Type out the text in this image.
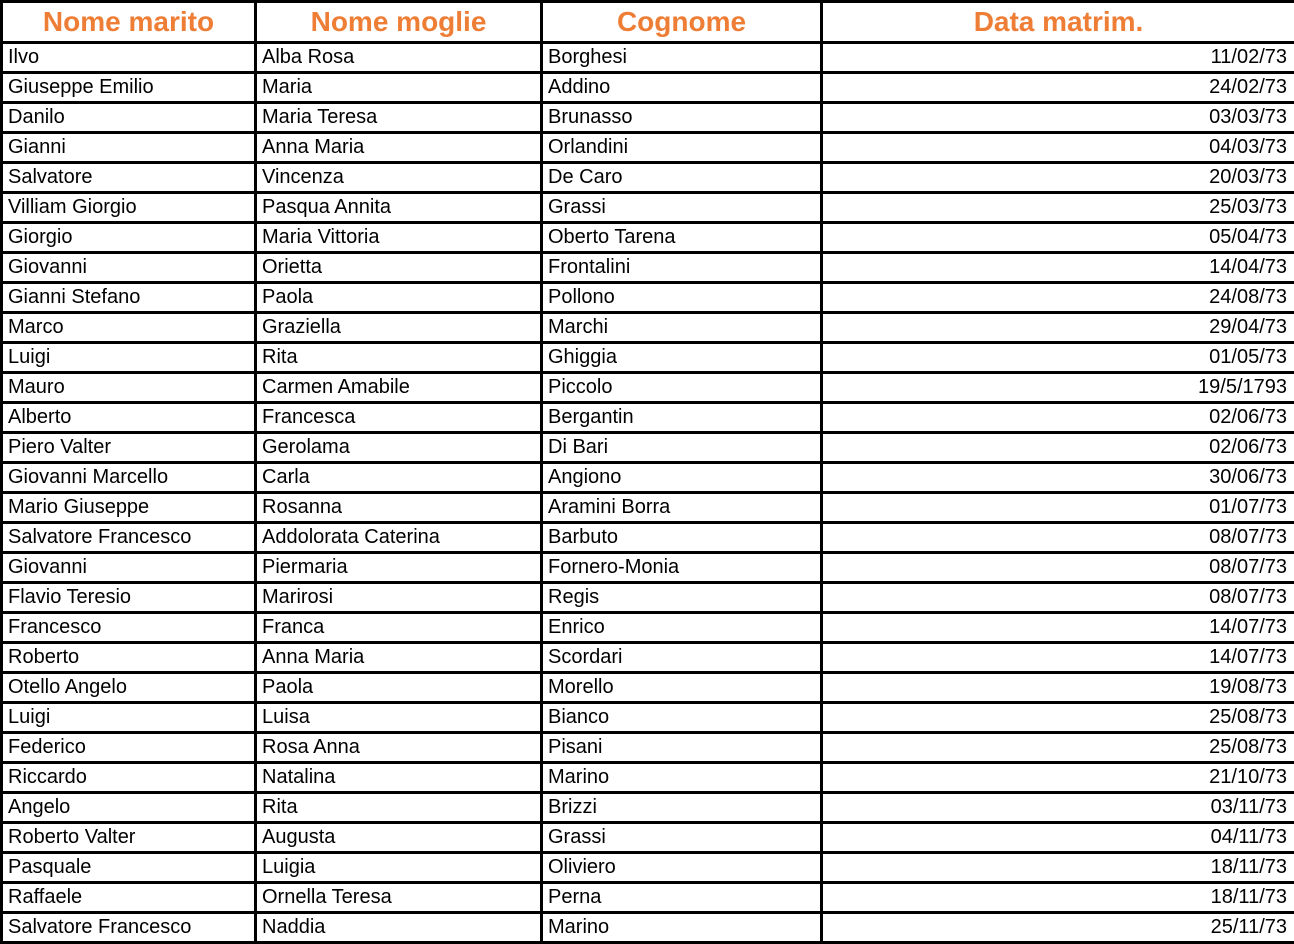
Nome marito	Nome moglie	Cognome	Data matrim.
Ilvo	Alba Rosa	Borghesi	11/02/73
Giuseppe Emilio	Maria	Addino	24/02/73
Danilo	Maria Teresa	Brunasso	03/03/73
Gianni	Anna Maria	Orlandini	04/03/73
Salvatore	Vincenza	De Caro	20/03/73
Villiam Giorgio	Pasqua Annita	Grassi	25/03/73
Giorgio	Maria Vittoria	Oberto Tarena	05/04/73
Giovanni	Orietta	Frontalini	14/04/73
Gianni Stefano	Paola	Pollono	24/08/73
Marco	Graziella	Marchi	29/04/73
Luigi	Rita	Ghiggia	01/05/73
Mauro	Carmen Amabile	Piccolo	19/5/1793
Alberto	Francesca	Bergantin	02/06/73
Piero Valter	Gerolama	Di Bari	02/06/73
Giovanni Marcello	Carla	Angiono	30/06/73
Mario Giuseppe	Rosanna	Aramini Borra	01/07/73
Salvatore Francesco	Addolorata Caterina	Barbuto	08/07/73
Giovanni	Piermaria	Fornero-Monia	08/07/73
Flavio Teresio	Marirosi	Regis	08/07/73
Francesco	Franca	Enrico	14/07/73
Roberto	Anna Maria	Scordari	14/07/73
Otello Angelo	Paola	Morello	19/08/73
Luigi	Luisa	Bianco	25/08/73
Federico	Rosa Anna	Pisani	25/08/73
Riccardo	Natalina	Marino	21/10/73
Angelo	Rita	Brizzi	03/11/73
Roberto Valter	Augusta	Grassi	04/11/73
Pasquale	Luigia	Oliviero	18/11/73
Raffaele	Ornella Teresa	Perna	18/11/73
Salvatore Francesco	Naddia	Marino	25/11/73
